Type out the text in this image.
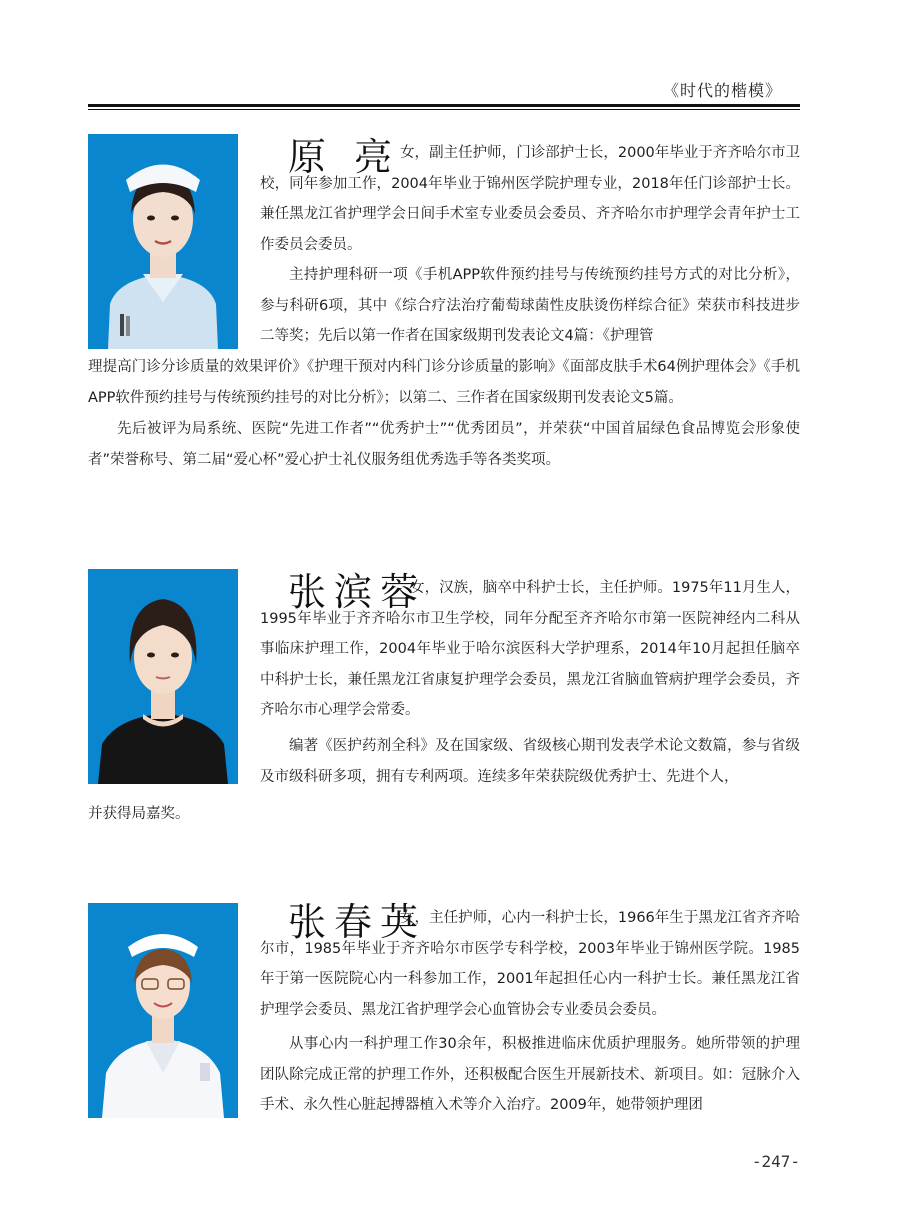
《时代的楷模》
原 亮 女，副主任护师，门诊部护士长，2000年毕业于齐齐哈尔市卫校，同年参加工作，2004年毕业于锦州医学院护理专业，2018年任门诊部护士长。兼任黑龙江省护理学会日间手术室专业委员会委员、齐齐哈尔市护理学会青年护士工作委员会委员。
主持护理科研一项《手机APP软件预约挂号与传统预约挂号方式的对比分析》，参与科研6项，其中《综合疗法治疗葡萄球菌性皮肤烫伤样综合征》荣获市科技进步二等奖；先后以第一作者在国家级期刊发表论文4篇：《护理管
理提高门诊分诊质量的效果评价》《护理干预对内科门诊分诊质量的影响》《面部皮肤手术64例护理体会》《手机APP软件预约挂号与传统预约挂号的对比分析》；以第二、三作者在国家级期刊发表论文5篇。
先后被评为局系统、医院“先进工作者”“优秀护士”“优秀团员”，并荣获“中国首届绿色食品博览会形象使者”荣誉称号、第二届“爱心杯”爱心护士礼仪服务组优秀选手等各类奖项。
张滨蓉
女，汉族，脑卒中科护士长，主任护师。1975年11月生人，1995年毕业于齐齐哈尔市卫生学校，同年分配至齐齐哈尔市第一医院神经内二科从事临床护理工作，2004年毕业于哈尔滨医科大学护理系，2014年10月起担任脑卒中科护士长，兼任黑龙江省康复护理学会委员，黑龙江省脑血管病护理学会委员，齐齐哈尔市心理学会常委。
编著《医护药剂全科》及在国家级、省级核心期刊发表学术论文数篇，参与省级及市级科研多项，拥有专利两项。连续多年荣获院级优秀护士、先进个人，
并获得局嘉奖。
张春英
女，主任护师，心内一科护士长，1966年生于黑龙江省齐齐哈尔市，1985年毕业于齐齐哈尔市医学专科学校，2003年毕业于锦州医学院。1985年于第一医院院心内一科参加工作，2001年起担任心内一科护士长。兼任黑龙江省护理学会委员、黑龙江省护理学会心血管协会专业委员会委员。
从事心内一科护理工作30余年，积极推进临床优质护理服务。她所带领的护理团队除完成正常的护理工作外，还积极配合医生开展新技术、新项目。如：冠脉介入手术、永久性心脏起搏器植入术等介入治疗。2009年，她带领护理团
-247-
